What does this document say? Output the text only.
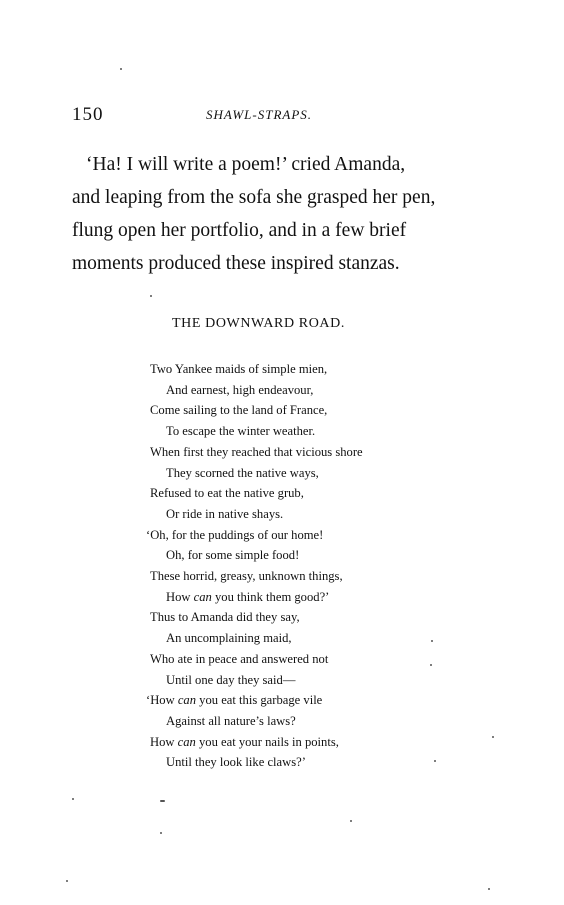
150	SHAWL-STRAPS.

‘Ha! I will write a poem!’ cried Amanda,

and leaping from the sofa she grasped her pen,

flung open her portfolio, and in a few brief

moments produced these inspired stanzas.

THE DOWNWARD ROAD.
Two Yankee maids of simple mien,
And earnest, high endeavour,
Come sailing to the land of France,
To escape the winter weather.
When first they reached that vicious shore
They scorned the native ways,
Refused to eat the native grub,
Or ride in native shays.
‘Oh, for the puddings of our home!
Oh, for some simple food!
These horrid, greasy, unknown things,
How can you think them good?’
Thus to Amanda did they say,
An uncomplaining maid,
Who ate in peace and answered not
Until one day they said—
‘How can you eat this garbage vile
Against all nature’s laws?
How can you eat your nails in points,
Until they look like claws?’
